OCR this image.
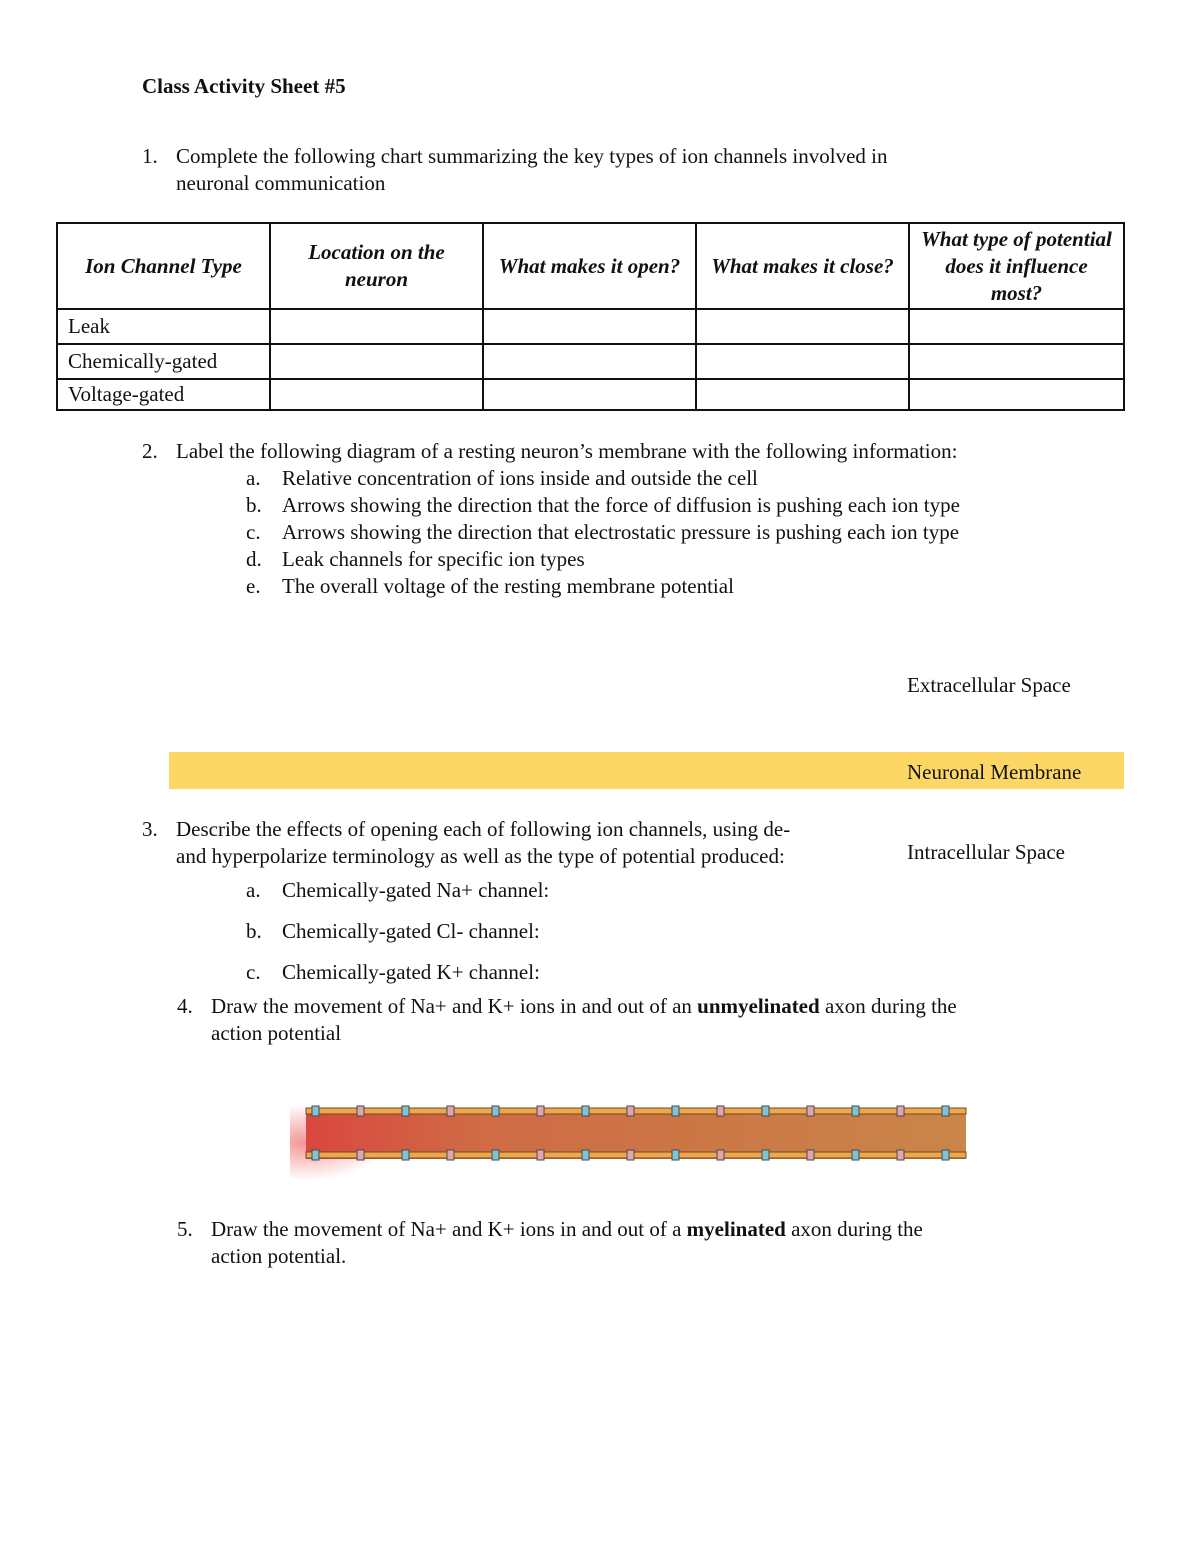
Class Activity Sheet #5
1. Complete the following chart summarizing the key types of ion channels involved in
neuronal communication
Ion Channel Type	Location on the neuron	What makes it open?	What makes it close?	What type of potential does it influence most?
Leak				
Chemically-gated				
Voltage-gated				
2. Label the following diagram of a resting neuron’s membrane with the following information:
a. Relative concentration of ions inside and outside the cell
b. Arrows showing the direction that the force of diffusion is pushing each ion type
c. Arrows showing the direction that electrostatic pressure is pushing each ion type
d. Leak channels for specific ion types
e. The overall voltage of the resting membrane potential
Extracellular Space
Neuronal Membrane
Intracellular Space
3. Describe the effects of opening each of following ion channels, using de-
and hyperpolarize terminology as well as the type of potential produced:
a. Chemically-gated Na+ channel:
b. Chemically-gated Cl- channel:
c. Chemically-gated K+ channel:
4. Draw the movement of Na+ and K+ ions in and out of an unmyelinated axon during the
action potential
5. Draw the movement of Na+ and K+ ions in and out of a myelinated axon during the
action potential.
